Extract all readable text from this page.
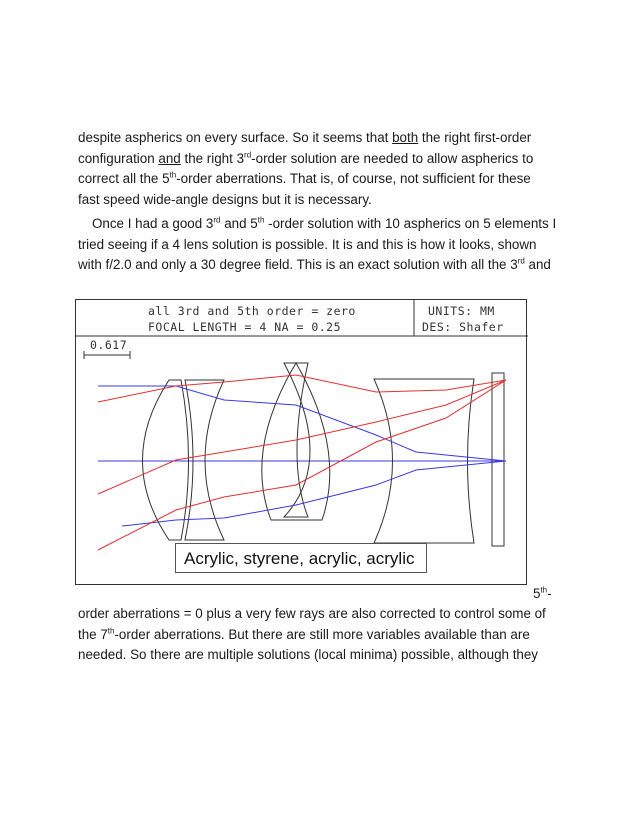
despite aspherics on every surface. So it seems that both the right first-order
configuration and the right 3rd-order solution are needed to allow aspherics to
correct all the 5th-order aberrations. That is, of course, not sufficient for these
fast speed wide-angle designs but it is necessary.
Once I had a good 3rd and 5th -order solution with 10 aspherics on 5 elements I
tried seeing if a 4 lens solution is possible. It is and this is how it looks, shown
with f/2.0 and only a 30 degree field. This is an exact solution with all the 3rd and
all 3rd and 5th order = zero
FOCAL LENGTH = 4 NA = 0.25
UNITS: MM
DES: Shafer
0.617
Acrylic, styrene, acrylic, acrylic
5th-
order aberrations = 0 plus a very few rays are also corrected to control some of
the 7th-order aberrations. But there are still more variables available than are
needed. So there are multiple solutions (local minima) possible, although they
